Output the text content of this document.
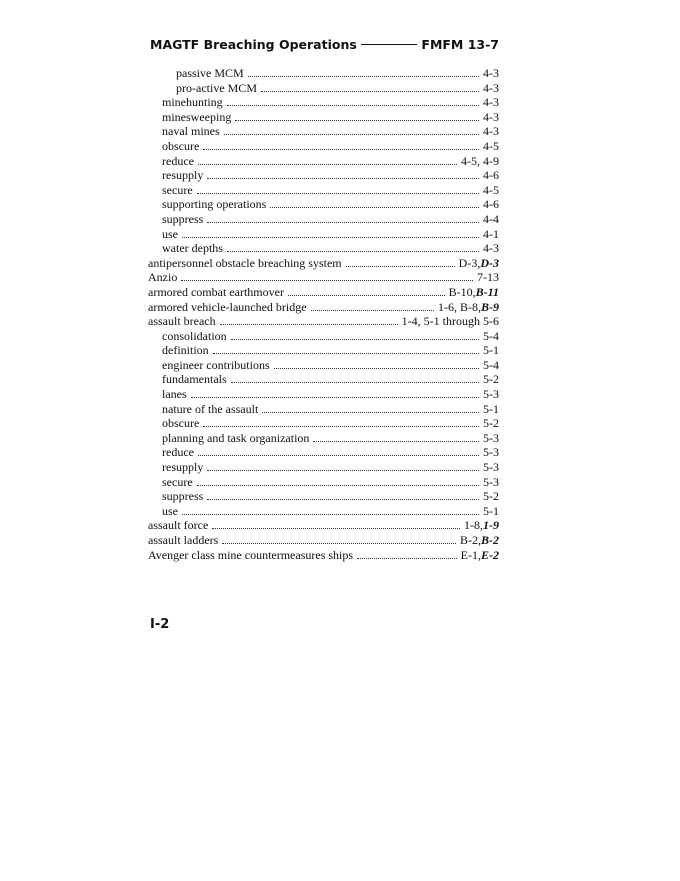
MAGTF Breaching Operations	FMFM 13-7
passive MCM	4-3
pro-active MCM	4-3
minehunting	4-3
minesweeping	4-3
naval mines	4-3
obscure	4-5
reduce	4-5, 4-9
resupply	4-6
secure	4-5
supporting operations	4-6
suppress	4-4
use	4-1
water depths	4-3
antipersonnel obstacle breaching system	D-3, D-3
Anzio	7-13
armored combat earthmover	B-10, B-11
armored vehicle-launched bridge	1-6, B-8, B-9
assault breach	1-4, 5-1 through 5-6
consolidation	5-4
definition	5-1
engineer contributions	5-4
fundamentals	5-2
lanes	5-3
nature of the assault	5-1
obscure	5-2
planning and task organization	5-3
reduce	5-3
resupply	5-3
secure	5-3
suppress	5-2
use	5-1
assault force	1-8, 1-9
assault ladders	B-2, B-2
Avenger class mine countermeasures ships	E-1, E-2
I-2
